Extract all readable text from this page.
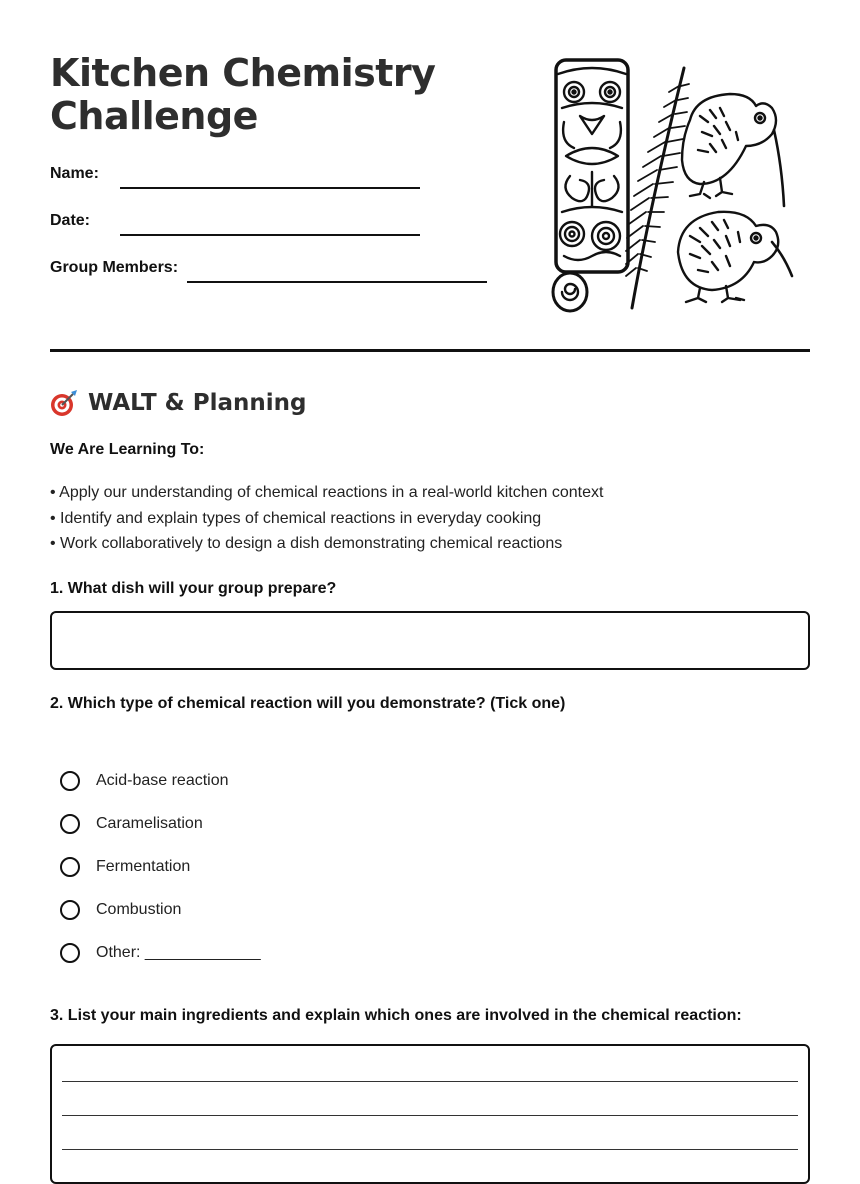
Kitchen Chemistry
Challenge
Name:
Date:
Group Members:
WALT & Planning
We Are Learning To:
• Apply our understanding of chemical reactions in a real-world kitchen context
• Identify and explain types of chemical reactions in everyday cooking
• Work collaboratively to design a dish demonstrating chemical reactions
1. What dish will your group prepare?
2. Which type of chemical reaction will you demonstrate? (Tick one)
Acid-base reaction
Caramelisation
Fermentation
Combustion
Other: _____________
3. List your main ingredients and explain which ones are involved in the chemical reaction:
